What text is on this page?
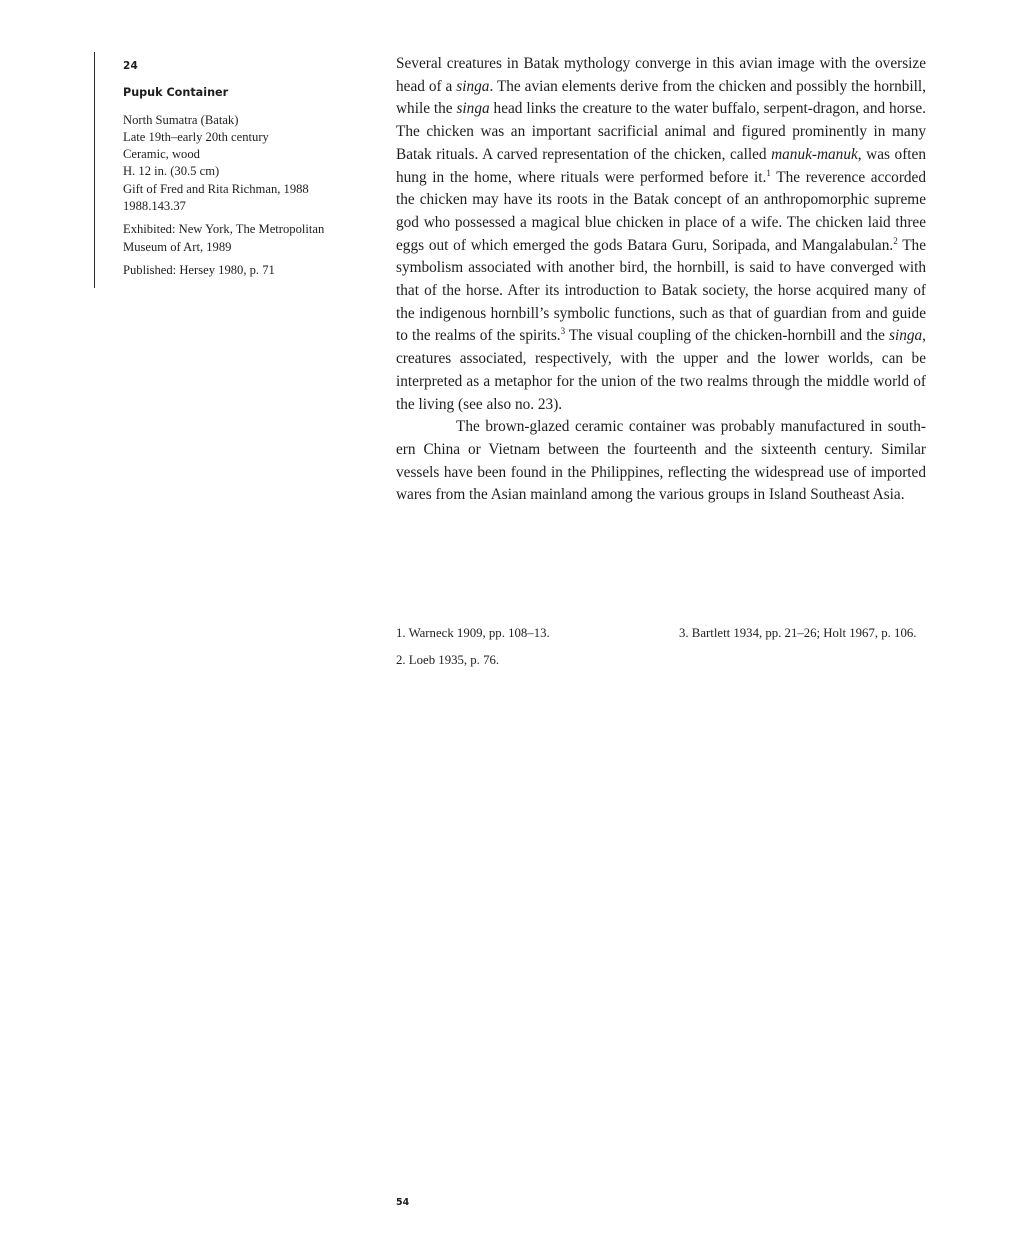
24
Pupuk Container
North Sumatra (Batak)
Late 19th–early 20th century
Ceramic, wood
H. 12 in. (30.5 cm)
Gift of Fred and Rita Richman, 1988
1988.143.37
Exhibited: New York, The Metropolitan Museum of Art, 1989
Published: Hersey 1980, p. 71

Several creatures in Batak mythology converge in this avian image with the oversize head of a singa. The avian elements derive from the chicken and possibly the hornbill, while the singa head links the creature to the water buffalo, serpent-dragon, and horse. The chicken was an important sacrificial animal and figured prominently in many Batak rituals. A carved representation of the chicken, called manuk-manuk, was often hung in the home, where rituals were performed before it.$^1$ The reverence accorded the chicken may have its roots in the Batak concept of an anthropomorphic supreme god who possessed a magical blue chicken in place of a wife. The chicken laid three eggs out of which emerged the gods Batara Guru, Soripada, and Mangalabulan.$^2$ The symbolism associated with another bird, the hornbill, is said to have converged with that of the horse. After its introduction to Batak society, the horse acquired many of the indigenous hornbill’s symbolic functions, such as that of guardian from and guide to the realms of the spirits.$^3$ The visual coupling of the chicken-hornbill and the singa, creatures associated, respectively, with the upper and the lower worlds, can be interpreted as a metaphor for the union of the two realms through the middle world of the living (see also no. 23).

The brown-glazed ceramic container was probably manufactured in southern China or Vietnam between the fourteenth and the sixteenth century. Similar vessels have been found in the Philippines, reflecting the widespread use of imported wares from the Asian mainland among the various groups in Island Southeast Asia.

1. Warneck 1909, pp. 108–13.

2. Loeb 1935, p. 76.

3. Bartlett 1934, pp. 21–26; Holt 1967, p. 106.

54
